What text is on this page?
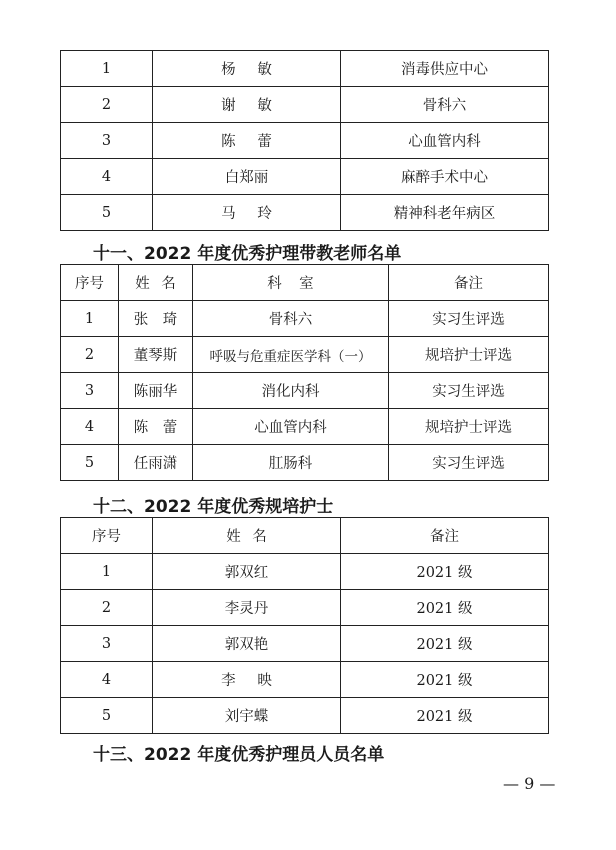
1	杨敏	消毒供应中心
2	谢敏	骨科六
3	陈蕾	心血管内科
4	白郑丽	麻醉手术中心
5	马玲	精神科老年病区
十一、2022 年度优秀护理带教老师名单
序号	姓名	科室	备注
1	张琦	骨科六	实习生评选
2	董琴斯	呼吸与危重症医学科（一）	规培护士评选
3	陈丽华	消化内科	实习生评选
4	陈蕾	心血管内科	规培护士评选
5	任雨潇	肛肠科	实习生评选
十二、2022 年度优秀规培护士
序号	姓名	备注
1	郭双红	2021 级
2	李灵丹	2021 级
3	郭双艳	2021 级
4	李映	2021 级
5	刘宇蝶	2021 级
十三、2022 年度优秀护理员人员名单
— 9 —
